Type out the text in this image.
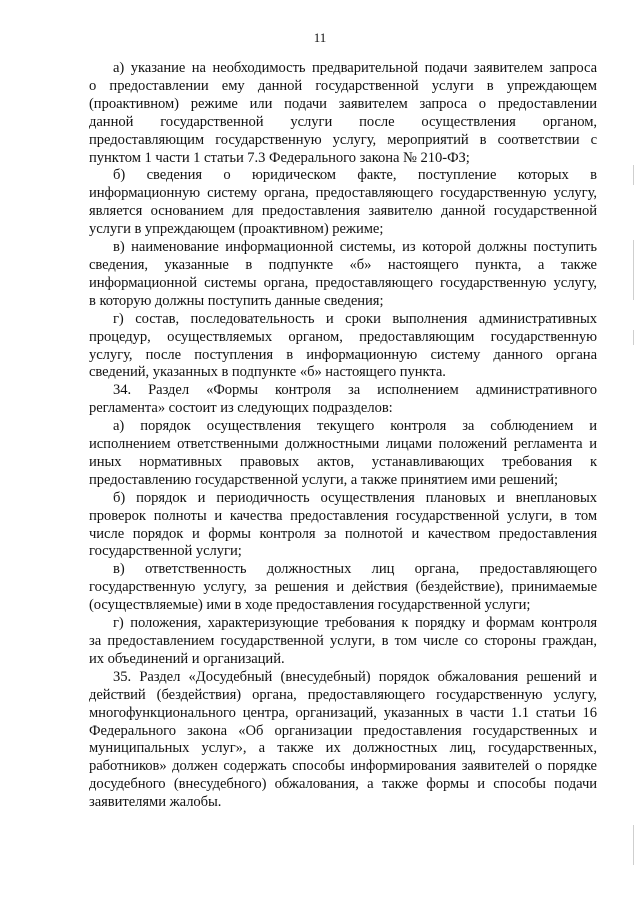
11
а) указание на необходимость предварительной подачи заявителем запроса
о предоставлении ему данной государственной услуги в упреждающем
(проактивном) режиме или подачи заявителем запроса о предоставлении
данной государственной услуги после осуществления органом,
предоставляющим государственную услугу, мероприятий в соответствии с
пунктом 1 части 1 статьи 7.3 Федерального закона № 210-ФЗ;
б) сведения о юридическом факте, поступление которых в
информационную систему органа, предоставляющего государственную услугу,
является основанием для предоставления заявителю данной государственной
услуги в упреждающем (проактивном) режиме;
в) наименование информационной системы, из которой должны поступить
сведения, указанные в подпункте «б» настоящего пункта, а также
информационной системы органа, предоставляющего государственную услугу,
в которую должны поступить данные сведения;
г) состав, последовательность и сроки выполнения административных
процедур, осуществляемых органом, предоставляющим государственную
услугу, после поступления в информационную систему данного органа
сведений, указанных в подпункте «б» настоящего пункта.
34. Раздел «Формы контроля за исполнением административного
регламента» состоит из следующих подразделов:
а) порядок осуществления текущего контроля за соблюдением и
исполнением ответственными должностными лицами положений регламента и
иных нормативных правовых актов, устанавливающих требования к
предоставлению государственной услуги, а также принятием ими решений;
б) порядок и периодичность осуществления плановых и внеплановых
проверок полноты и качества предоставления государственной услуги, в том
числе порядок и формы контроля за полнотой и качеством предоставления
государственной услуги;
в) ответственность должностных лиц органа, предоставляющего
государственную услугу, за решения и действия (бездействие), принимаемые
(осуществляемые) ими в ходе предоставления государственной услуги;
г) положения, характеризующие требования к порядку и формам контроля
за предоставлением государственной услуги, в том числе со стороны граждан,
их объединений и организаций.
35. Раздел «Досудебный (внесудебный) порядок обжалования решений и
действий (бездействия) органа, предоставляющего государственную услугу,
многофункционального центра, организаций, указанных в части 1.1 статьи 16
Федерального закона «Об организации предоставления государственных и
муниципальных услуг», а также их должностных лиц, государственных,
работников» должен содержать способы информирования заявителей о порядке
досудебного (внесудебного) обжалования, а также формы и способы подачи
заявителями жалобы.
